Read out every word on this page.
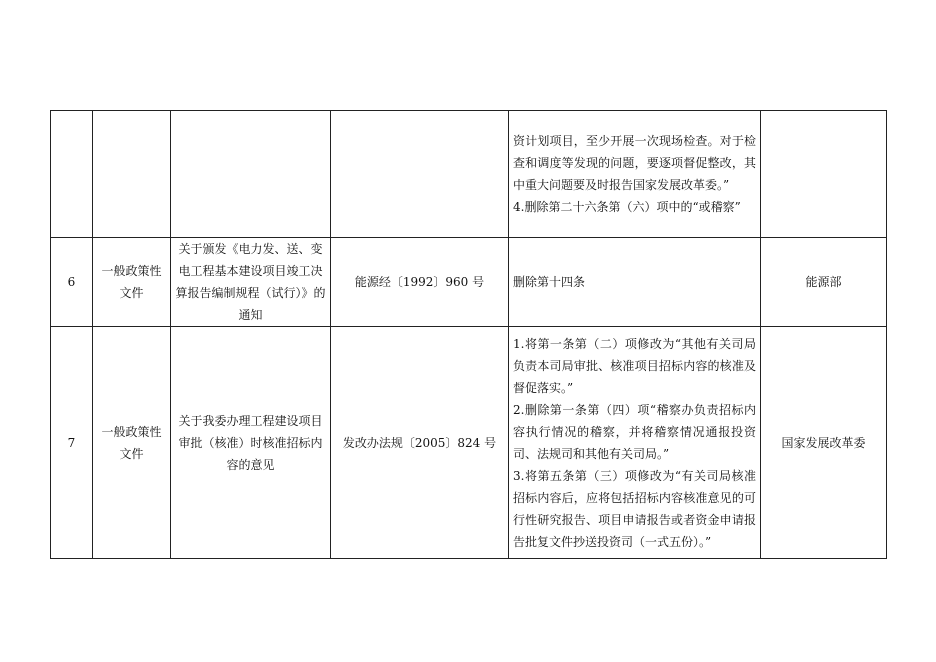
				资计划项目，至少开展一次现场检查。对于检查和调度等发现的问题，要逐项督促整改，其中重大问题要及时报告国家发展改革委。”
4.删除第二十六条第（六）项中的“或稽察”	

6	一般政策性文件	关于颁发《电力发、送、变电工程基本建设项目竣工决算报告编制规程（试行）》的通知	能源经〔1992〕960 号	删除第十四条	能源部
7	一般政策性文件	关于我委办理工程建设项目审批（核准）时核准招标内容的意见	发改办法规〔2005〕824 号	1.将第一条第（二）项修改为“其他有关司局负责本司局审批、核准项目招标内容的核准及督促落实。”
2.删除第一条第（四）项“稽察办负责招标内容执行情况的稽察，并将稽察情况通报投资司、法规司和其他有关司局。”
3.将第五条第（三）项修改为“有关司局核准招标内容后，应将包括招标内容核准意见的可行性研究报告、项目申请报告或者资金申请报告批复文件抄送投资司（一式五份）。”	国家发展改革委
